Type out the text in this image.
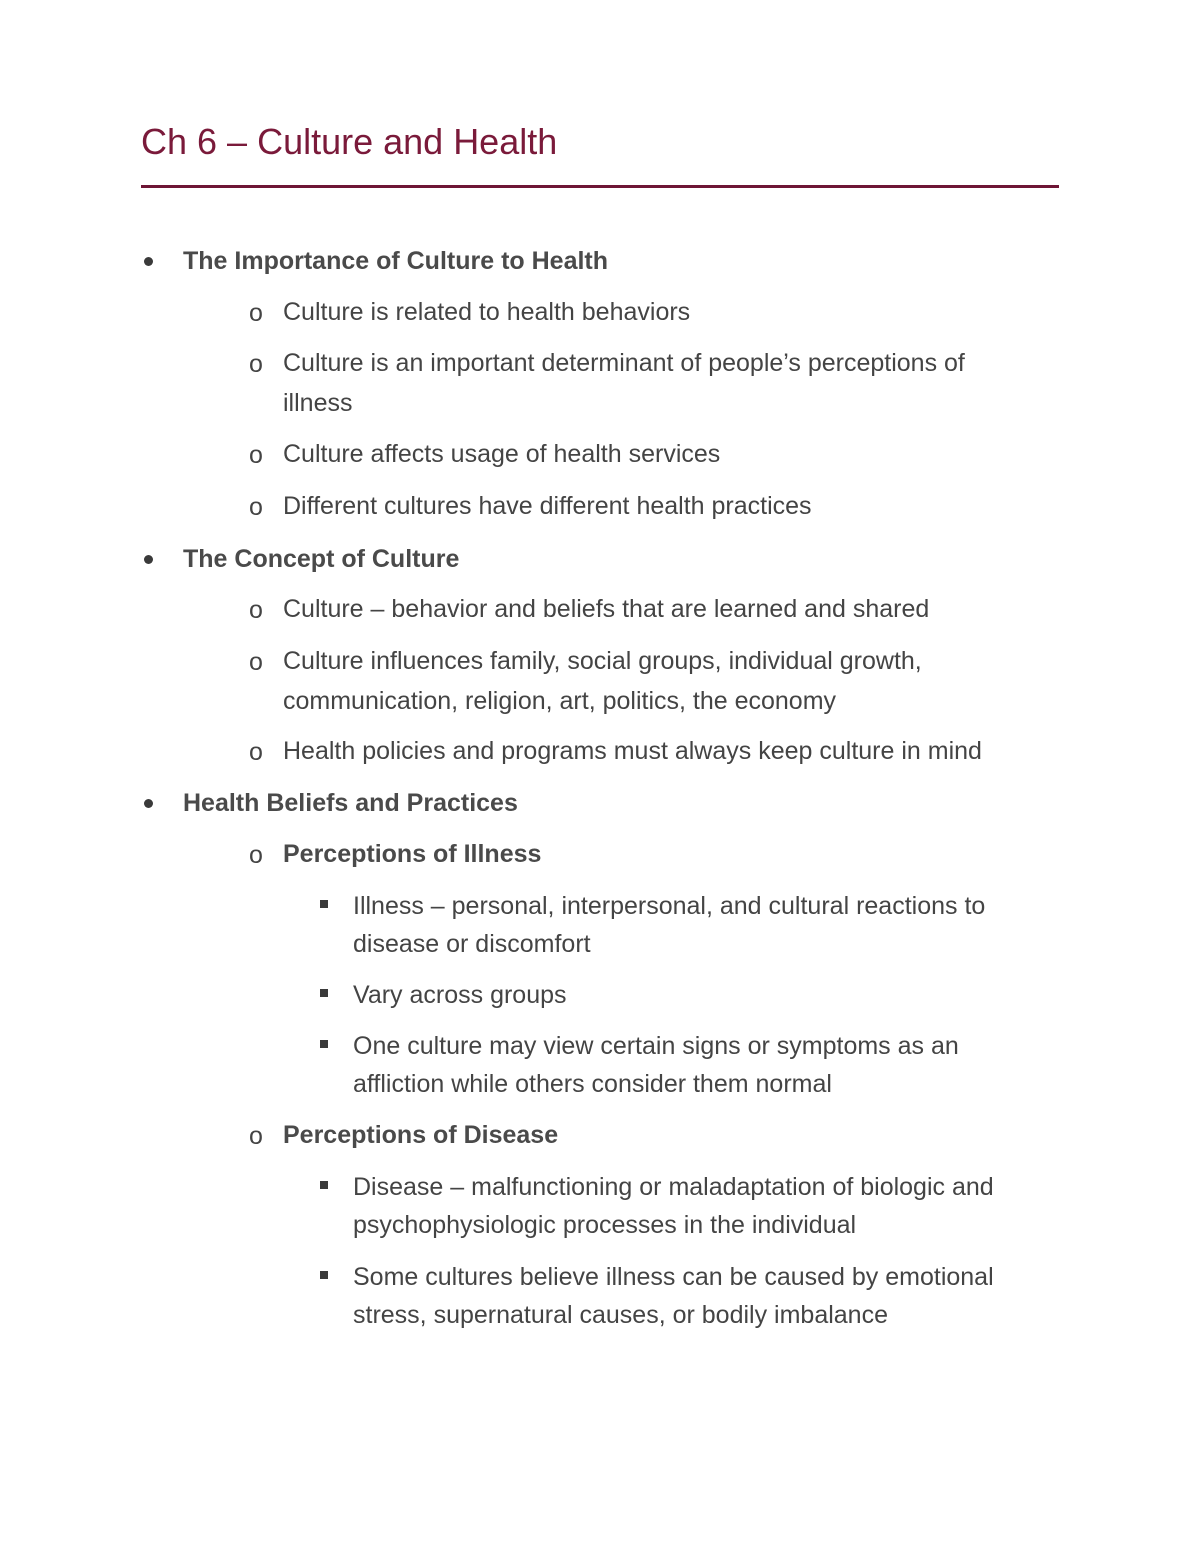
Ch 6 – Culture and Health
The Importance of Culture to Health
o Culture is related to health behaviors
o Culture is an important determinant of people’s perceptions of
illness
o Culture affects usage of health services
o Different cultures have different health practices
The Concept of Culture
o Culture – behavior and beliefs that are learned and shared
o Culture influences family, social groups, individual growth,
communication, religion, art, politics, the economy
o Health policies and programs must always keep culture in mind
Health Beliefs and Practices
o Perceptions of Illness
Illness – personal, interpersonal, and cultural reactions to
disease or discomfort
Vary across groups
One culture may view certain signs or symptoms as an
affliction while others consider them normal
o Perceptions of Disease
Disease – malfunctioning or maladaptation of biologic and
psychophysiologic processes in the individual
Some cultures believe illness can be caused by emotional
stress, supernatural causes, or bodily imbalance
